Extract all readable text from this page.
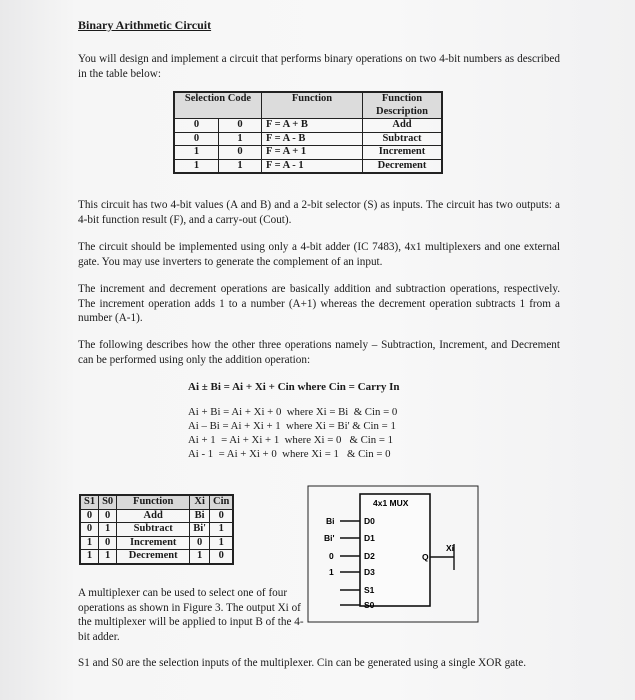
Binary Arithmetic Circuit
You will design and implement a circuit that performs binary operations on two 4-bit numbers as described in the table below:
Selection Code		Function	Function Description
0	0	F = A + B	Add
0	1	F = A - B	Subtract
1	0	F = A + 1	Increment
1	1	F = A - 1	Decrement
This circuit has two 4-bit values (A and B) and a 2-bit selector (S) as inputs. The circuit has two outputs: a 4-bit function result (F), and a carry-out (Cout).
The circuit should be implemented using only a 4-bit adder (IC 7483), 4x1 multiplexers and one external gate. You may use inverters to generate the complement of an input.
The increment and decrement operations are basically addition and subtraction operations, respectively. The increment operation adds 1 to a number (A+1) whereas the decrement operation subtracts 1 from a number (A-1).
The following describes how the other three operations namely – Subtraction, Increment, and Decrement can be performed using only the addition operation:
Ai ± Bi = Ai + Xi + Cin where Cin = Carry In
Ai + Bi = Ai + Xi + 0  where Xi = Bi  & Cin = 0
Ai – Bi = Ai + Xi + 1  where Xi = Bi' & Cin = 1
Ai + 1  = Ai + Xi + 1  where Xi = 0   & Cin = 1
Ai - 1  = Ai + Xi + 0  where Xi = 1   & Cin = 0
S1	S0	Function	Xi	Cin
0	0	Add	Bi	0
0	1	Subtract	Bi'	1
1	0	Increment	0	1
1	1	Decrement	1	0
4x1 MUX
Bi
Bi'
0
1
D0
D1
D2
D3
S1
S0
Q
Xi
A multiplexer can be used to select one of four operations as shown in Figure 3. The output Xi of the multiplexer will be applied to input B of the 4-bit adder.
S1 and S0 are the selection inputs of the multiplexer. Cin can be generated using a single XOR gate.
